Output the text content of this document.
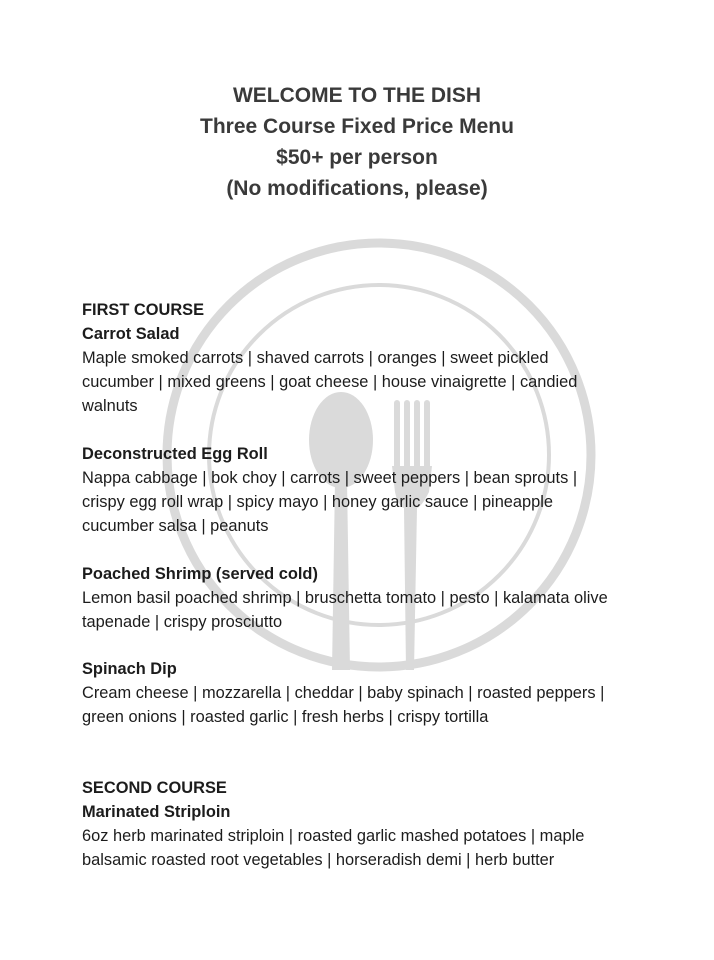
WELCOME TO THE DISH
Three Course Fixed Price Menu
$50+ per person
(No modifications, please)
FIRST COURSE
Carrot Salad
Maple smoked carrots | shaved carrots | oranges | sweet pickled
cucumber | mixed greens | goat cheese | house vinaigrette | candied
walnuts
Deconstructed Egg Roll
Nappa cabbage | bok choy | carrots | sweet peppers | bean sprouts |
crispy egg roll wrap | spicy mayo | honey garlic sauce | pineapple
cucumber salsa | peanuts
Poached Shrimp (served cold)
Lemon basil poached shrimp | bruschetta tomato | pesto | kalamata olive
tapenade | crispy prosciutto
Spinach Dip
Cream cheese | mozzarella | cheddar | baby spinach | roasted peppers |
green onions | roasted garlic | fresh herbs | crispy tortilla
SECOND COURSE
Marinated Striploin
6oz herb marinated striploin | roasted garlic mashed potatoes | maple
balsamic roasted root vegetables | horseradish demi | herb butter
